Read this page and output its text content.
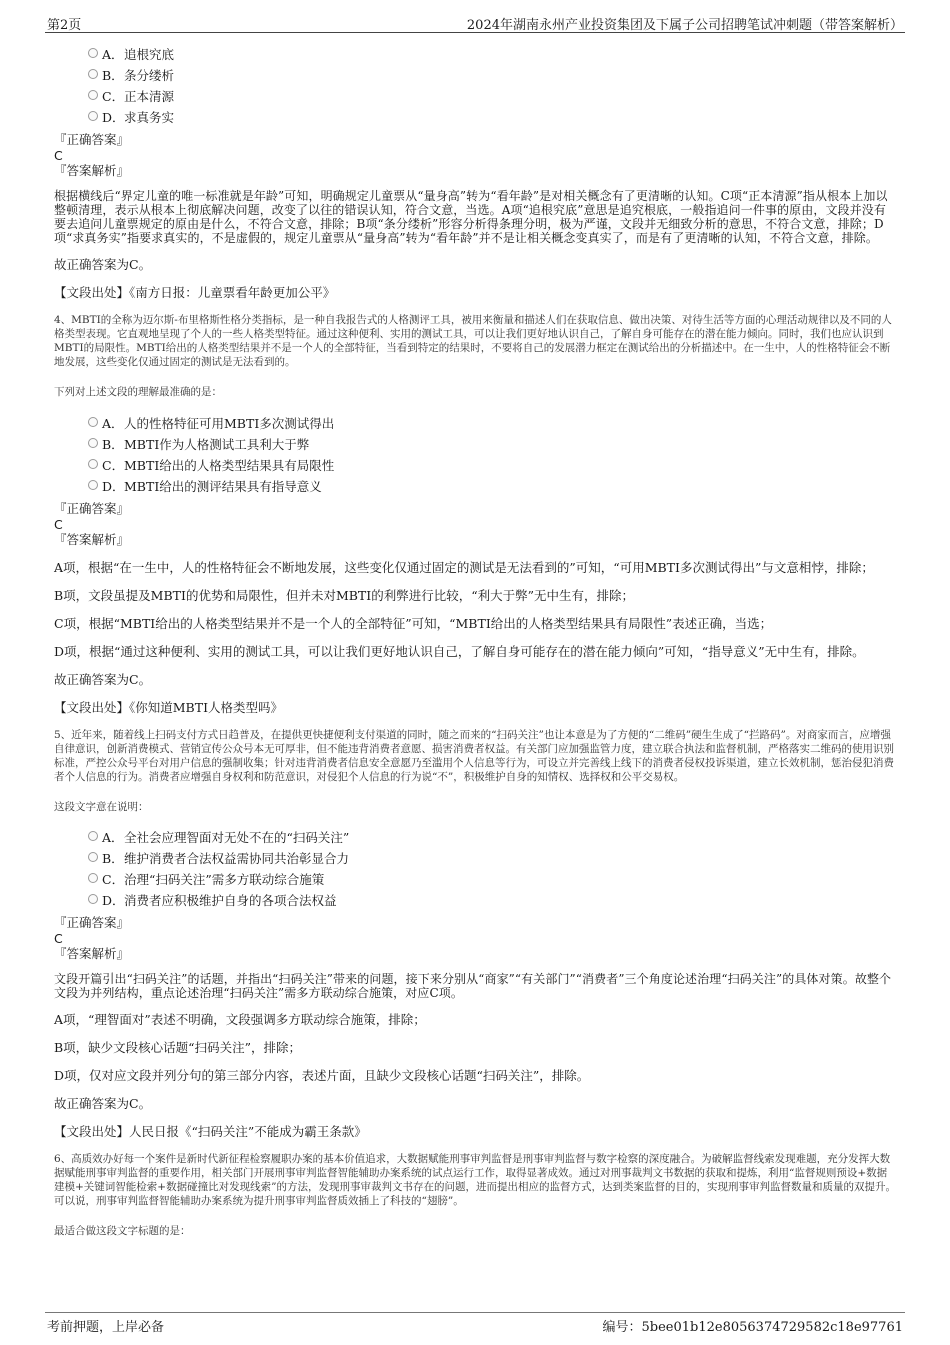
第2页	2024年湖南永州产业投资集团及下属子公司招聘笔试冲刺题（带答案解析）
A． 追根究底
B． 条分缕析
C． 正本清源
D． 求真务实
『正确答案』
C
『答案解析』

根据横线后“界定儿童的唯一标准就是年龄”可知，明确规定儿童票从“量身高”转为“看年龄”是对相关概念有了更清晰的认知。C项“正本清源”指从根本上加以整顿清理，表示从根本上彻底解决问题，改变了以往的错误认知，符合文意，当选。A项“追根究底”意思是追究根底，一般指追问一件事的原由，文段并没有要去追问儿童票规定的原由是什么，不符合文意，排除；B项“条分缕析”形容分析得条理分明，极为严谨，文段并无细致分析的意思，不符合文意，排除；D项“求真务实”指要求真实的，不是虚假的，规定儿童票从“量身高”转为“看年龄”并不是让相关概念变真实了，而是有了更清晰的认知，不符合文意，排除。

故正确答案为C。

【文段出处】《南方日报：儿童票看年龄更加公平》

4、MBTI的全称为迈尔斯-布里格斯性格分类指标，是一种自我报告式的人格测评工具，被用来衡量和描述人们在获取信息、做出决策、对待生活等方面的心理活动规律以及不同的人格类型表现。它直观地呈现了个人的一些人格类型特征。通过这种便利、实用的测试工具，可以让我们更好地认识自己，了解自身可能存在的潜在能力倾向。同时，我们也应认识到MBTI的局限性。MBTI给出的人格类型结果并不是一个人的全部特征，当看到特定的结果时，不要将自己的发展潜力框定在测试给出的分析描述中。在一生中，人的性格特征会不断地发展，这些变化仅通过固定的测试是无法看到的。

下列对上述文段的理解最准确的是：

A． 人的性格特征可用MBTI多次测试得出
B． MBTI作为人格测试工具利大于弊
C． MBTI给出的人格类型结果具有局限性
D． MBTI给出的测评结果具有指导意义
『正确答案』
C
『答案解析』

A项，根据“在一生中，人的性格特征会不断地发展，这些变化仅通过固定的测试是无法看到的”可知，“可用MBTI多次测试得出”与文意相悖，排除；

B项，文段虽提及MBTI的优势和局限性，但并未对MBTI的利弊进行比较，“利大于弊”无中生有，排除；

C项，根据“MBTI给出的人格类型结果并不是一个人的全部特征”可知，“MBTI给出的人格类型结果具有局限性”表述正确，当选；

D项，根据“通过这种便利、实用的测试工具，可以让我们更好地认识自己，了解自身可能存在的潜在能力倾向”可知，“指导意义”无中生有，排除。

故正确答案为C。

【文段出处】《你知道MBTI人格类型吗》

5、近年来，随着线上扫码支付方式日趋普及，在提供更快捷便利支付渠道的同时，随之而来的“扫码关注”也让本意是为了方便的“二维码”硬生生成了“拦路码”。对商家而言，应增强自律意识，创新消费模式、营销宣传公众号本无可厚非，但不能违背消费者意愿、损害消费者权益。有关部门应加强监管力度，建立联合执法和监督机制，严格落实二维码的使用识别标准，严控公众号平台对用户信息的强制收集；针对违背消费者信息安全意愿乃至滥用个人信息等行为，可设立并完善线上线下的消费者侵权投诉渠道，建立长效机制，惩治侵犯消费者个人信息的行为。消费者应增强自身权利和防范意识，对侵犯个人信息的行为说“不”，积极维护自身的知情权、选择权和公平交易权。

这段文字意在说明：

A． 全社会应理智面对无处不在的“扫码关注”
B． 维护消费者合法权益需协同共治彰显合力
C． 治理“扫码关注”需多方联动综合施策
D． 消费者应积极维护自身的各项合法权益
『正确答案』
C
『答案解析』

文段开篇引出“扫码关注”的话题，并指出“扫码关注”带来的问题，接下来分别从“商家”“有关部门”“消费者”三个角度论述治理“扫码关注”的具体对策。故整个文段为并列结构，重点论述治理“扫码关注”需多方联动综合施策，对应C项。

A项，“理智面对”表述不明确，文段强调多方联动综合施策，排除；

B项，缺少文段核心话题“扫码关注”，排除；

D项，仅对应文段并列分句的第三部分内容，表述片面，且缺少文段核心话题“扫码关注”，排除。

故正确答案为C。

【文段出处】人民日报《“扫码关注”不能成为霸王条款》

6、高质效办好每一个案件是新时代新征程检察履职办案的基本价值追求，大数据赋能刑事审判监督是刑事审判监督与数字检察的深度融合。为破解监督线索发现难题，充分发挥大数据赋能刑事审判监督的重要作用，相关部门开展刑事审判监督智能辅助办案系统的试点运行工作，取得显著成效。通过对刑事裁判文书数据的获取和提炼，利用“监督规则预设+数据建模+关键词智能检索+数据碰撞比对发现线索”的方法，发现刑事审裁判文书存在的问题，进而提出相应的监督方式，达到类案监督的目的，实现刑事审判监督数量和质量的双提升。可以说，刑事审判监督智能辅助办案系统为提升刑事审判监督质效插上了科技的“翅膀”。

最适合做这段文字标题的是：

考前押题，上岸必备	编号：5bee01b12e8056374729582c18e97761
